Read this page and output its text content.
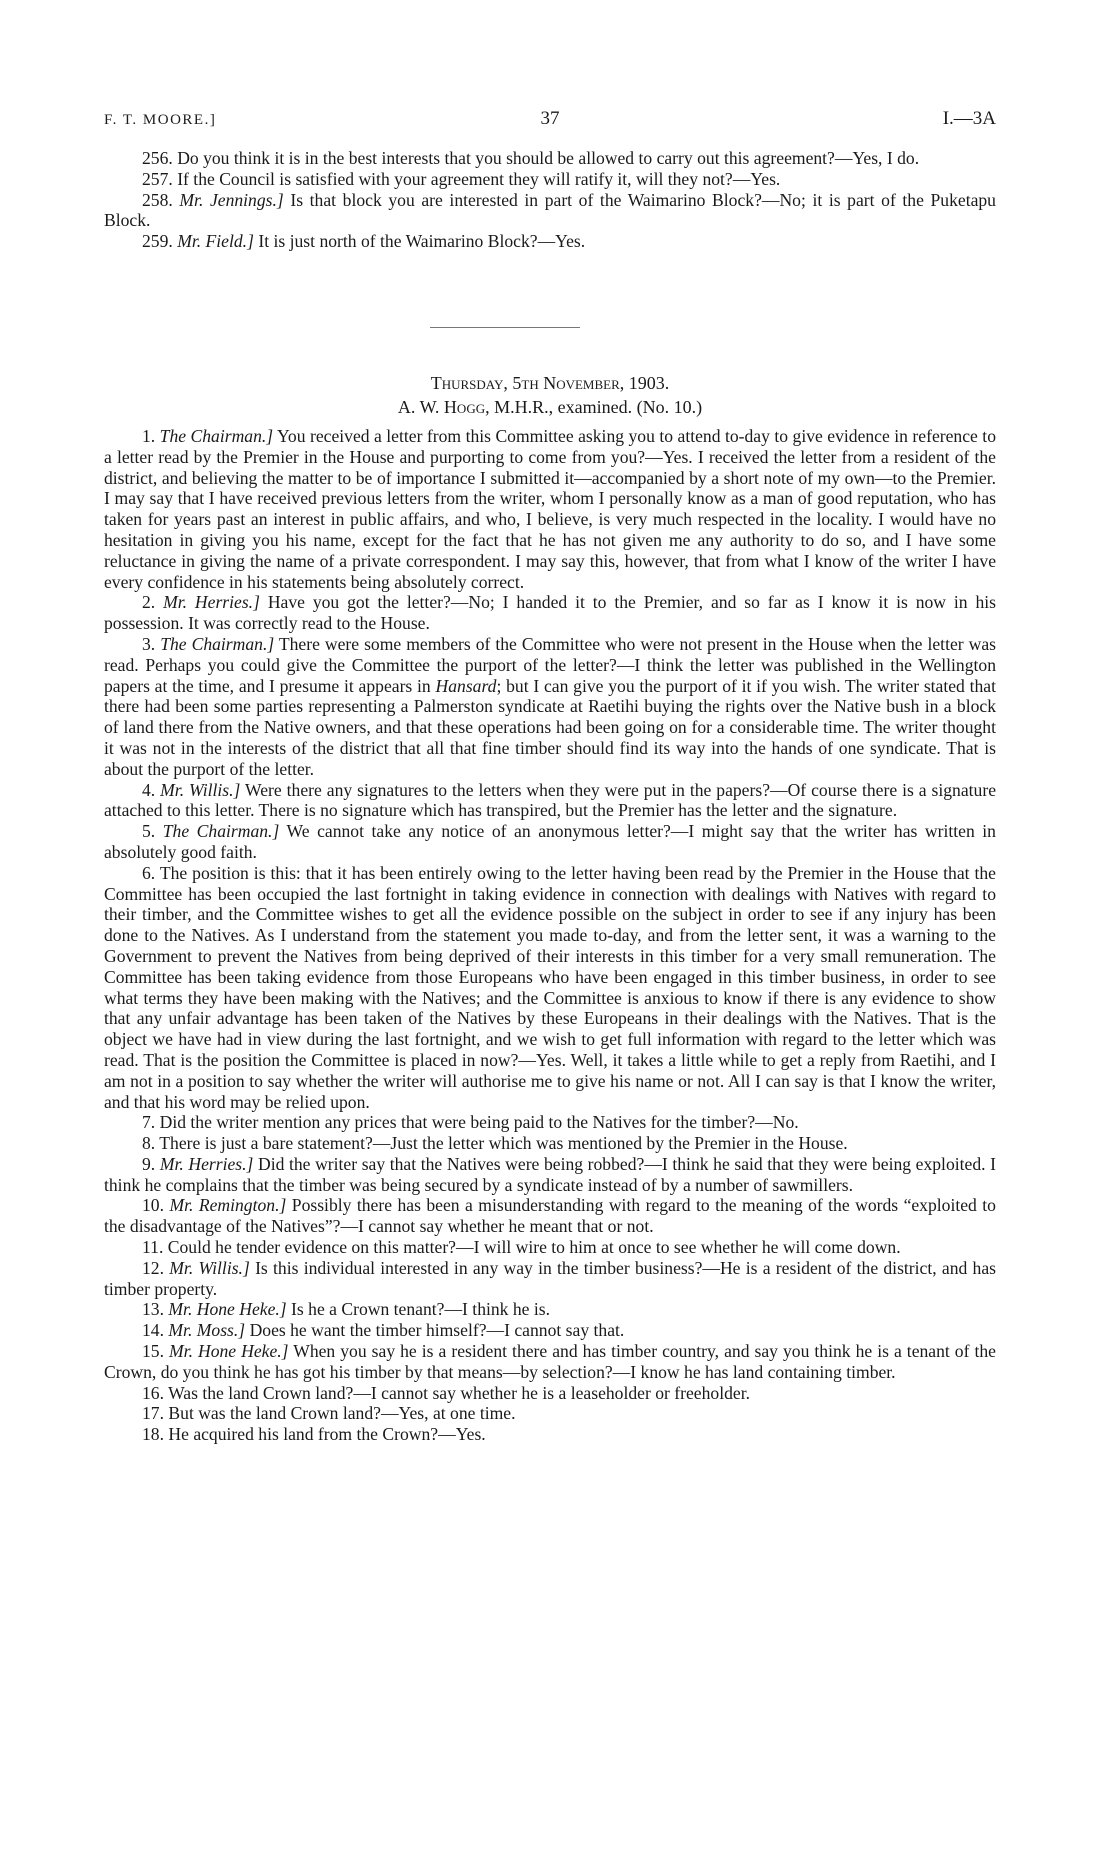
F. T. MOORE.]	37	I.—3A

256. Do you think it is in the best interests that you should be allowed to carry out this agreement?—Yes, I do.

257. If the Council is satisfied with your agreement they will ratify it, will they not?—Yes.

258. Mr. Jennings.] Is that block you are interested in part of the Waimarino Block?—No; it is part of the Puketapu Block.

259. Mr. Field.] It is just north of the Waimarino Block?—Yes.

Thursday, 5th November, 1903.
A. W. Hogg, M.H.R., examined. (No. 10.)

1. The Chairman.] You received a letter from this Committee asking you to attend to-day to give evidence in reference to a letter read by the Premier in the House and purporting to come from you?—Yes. I received the letter from a resident of the district, and believing the matter to be of importance I submitted it—accompanied by a short note of my own—to the Premier. I may say that I have received previous letters from the writer, whom I personally know as a man of good reputation, who has taken for years past an interest in public affairs, and who, I believe, is very much respected in the locality. I would have no hesitation in giving you his name, except for the fact that he has not given me any authority to do so, and I have some reluctance in giving the name of a private correspondent. I may say this, however, that from what I know of the writer I have every confidence in his statements being absolutely correct.

2. Mr. Herries.] Have you got the letter?—No; I handed it to the Premier, and so far as I know it is now in his possession. It was correctly read to the House.

3. The Chairman.] There were some members of the Committee who were not present in the House when the letter was read. Perhaps you could give the Committee the purport of the letter?—I think the letter was published in the Wellington papers at the time, and I presume it appears in Hansard; but I can give you the purport of it if you wish. The writer stated that there had been some parties representing a Palmerston syndicate at Raetihi buying the rights over the Native bush in a block of land there from the Native owners, and that these operations had been going on for a considerable time. The writer thought it was not in the interests of the district that all that fine timber should find its way into the hands of one syndicate. That is about the purport of the letter.

4. Mr. Willis.] Were there any signatures to the letters when they were put in the papers?—Of course there is a signature attached to this letter. There is no signature which has transpired, but the Premier has the letter and the signature.

5. The Chairman.] We cannot take any notice of an anonymous letter?—I might say that the writer has written in absolutely good faith.

6. The position is this: that it has been entirely owing to the letter having been read by the Premier in the House that the Committee has been occupied the last fortnight in taking evidence in connection with dealings with Natives with regard to their timber, and the Committee wishes to get all the evidence possible on the subject in order to see if any injury has been done to the Natives. As I understand from the statement you made to-day, and from the letter sent, it was a warning to the Government to prevent the Natives from being deprived of their interests in this timber for a very small remuneration. The Committee has been taking evidence from those Europeans who have been engaged in this timber business, in order to see what terms they have been making with the Natives; and the Committee is anxious to know if there is any evidence to show that any unfair advantage has been taken of the Natives by these Europeans in their dealings with the Natives. That is the object we have had in view during the last fortnight, and we wish to get full information with regard to the letter which was read. That is the position the Committee is placed in now?—Yes. Well, it takes a little while to get a reply from Raetihi, and I am not in a position to say whether the writer will authorise me to give his name or not. All I can say is that I know the writer, and that his word may be relied upon.

7. Did the writer mention any prices that were being paid to the Natives for the timber?—No.

8. There is just a bare statement?—Just the letter which was mentioned by the Premier in the House.

9. Mr. Herries.] Did the writer say that the Natives were being robbed?—I think he said that they were being exploited. I think he complains that the timber was being secured by a syndicate instead of by a number of sawmillers.

10. Mr. Remington.] Possibly there has been a misunderstanding with regard to the meaning of the words “exploited to the disadvantage of the Natives”?—I cannot say whether he meant that or not.

11. Could he tender evidence on this matter?—I will wire to him at once to see whether he will come down.

12. Mr. Willis.] Is this individual interested in any way in the timber business?—He is a resident of the district, and has timber property.

13. Mr. Hone Heke.] Is he a Crown tenant?—I think he is.

14. Mr. Moss.] Does he want the timber himself?—I cannot say that.

15. Mr. Hone Heke.] When you say he is a resident there and has timber country, and say you think he is a tenant of the Crown, do you think he has got his timber by that means—by selection?—I know he has land containing timber.

16. Was the land Crown land?—I cannot say whether he is a leaseholder or freeholder.

17. But was the land Crown land?—Yes, at one time.

18. He acquired his land from the Crown?—Yes.
